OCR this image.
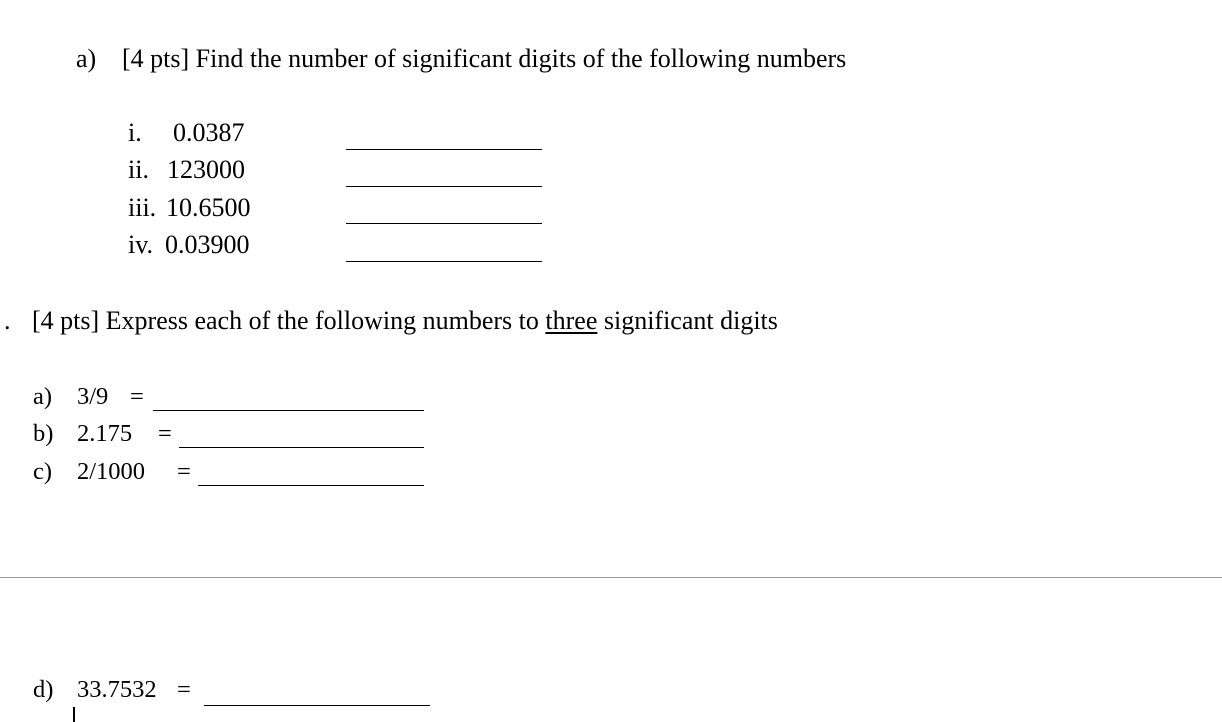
a) [4 pts] Find the number of significant digits of the following numbers
i. 0.0387
ii. 123000
iii. 10.6500
iv. 0.03900
. [4 pts] Express each of the following numbers to three significant digits
a) 3/9 =
b) 2.175 =
c) 2/1000 =
d) 33.7532 =
